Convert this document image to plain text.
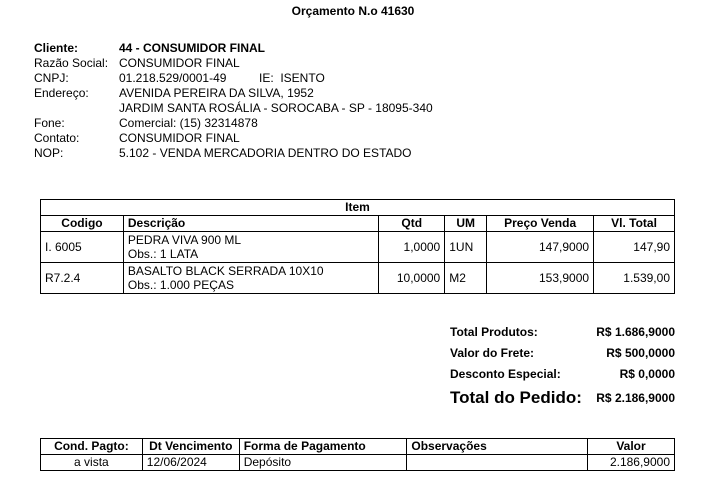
Orçamento N.o 41630
Cliente:	44 - CONSUMIDOR FINAL
Razão Social: CONSUMIDOR FINAL
CNPJ:	01.218.529/0001-49	IE: ISENTO
Endereço:	AVENIDA PEREIRA DA SILVA, 1952
JARDIM SANTA ROSÁLIA - SOROCABA - SP - 18095-340
Fone:	Comercial: (15) 32314878
Contato:	CONSUMIDOR FINAL
NOP:	5.102 - VENDA MERCADORIA DENTRO DO ESTADO
Item					
Codigo	Descrição	Qtd	UM	Preço Venda	Vl. Total
I. 6005	PEDRA VIVA 900 ML
Obs.: 1 LATA	1,0000	1UN	147,9000	147,90
R7.2.4	BASALTO BLACK SERRADA 10X10
Obs.: 1.000 PEÇAS	10,0000	M2	153,9000	1.539,00
Total Produtos:	R$ 1.686,9000
Valor do Frete:	R$ 500,0000
Desconto Especial:	R$ 0,0000
Total do Pedido: R$ 2.186,9000
Cond. Pagto:	Dt Vencimento	Forma de Pagamento	Observações	Valor
a vista	12/06/2024	Depósito		2.186,9000
